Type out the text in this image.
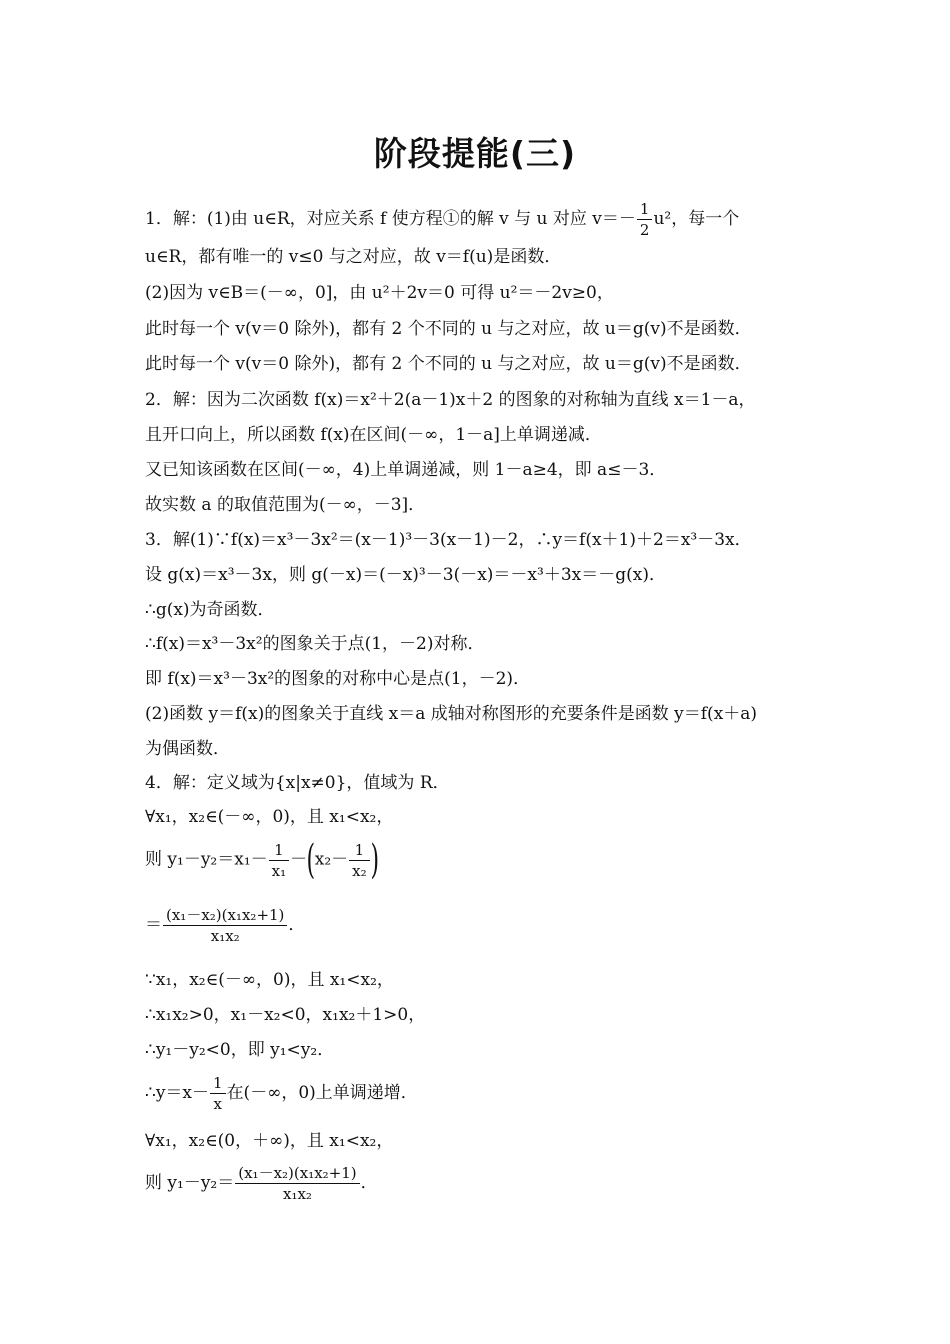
阶段提能(三)
1．解：(1)由 u∈R，对应关系 f 使方程①的解 v 与 u 对应 $v=- \frac{1}{2} u^2$，每一个
u∈R，都有唯一的 v≤0 与之对应，故 v＝f(u)是函数．
(2)因为 v∈B＝(－∞，0]，由 u²＋2v＝0 可得 u²＝－2v≥0，
此时每一个 v(v＝0 除外)，都有 2 个不同的 u 与之对应，故 u＝g(v)不是函数．
此时每一个 v(v＝0 除外)，都有 2 个不同的 u 与之对应，故 u＝g(v)不是函数．
2．解：因为二次函数 f(x)＝x²＋2(a－1)x＋2 的图象的对称轴为直线 x＝1－a，
且开口向上，所以函数 f(x)在区间(－∞，1－a]上单调递减．
又已知该函数在区间(－∞，4)上单调递减，则 1－a≥4，即 a≤－3．
故实数 a 的取值范围为(－∞，－3]．
3．解(1)∵f(x)＝x³－3x²＝(x－1)³－3(x－1)－2，∴y＝f(x＋1)＋2＝x³－3x．
设 g(x)＝x³－3x，则 g(－x)＝(－x)³－3(－x)＝－x³＋3x＝－g(x)．
∴g(x)为奇函数．
∴f(x)＝x³－3x²的图象关于点(1，－2)对称．
即 f(x)＝x³－3x²的图象的对称中心是点(1，－2)．
(2)函数 y＝f(x)的图象关于直线 x＝a 成轴对称图形的充要条件是函数 y＝f(x＋a)
为偶函数．
4．解：定义域为{x|x≠0}，值域为 R．
∀x₁，x₂∈(－∞，0)，且 x₁<x₂，
则 $y_1-y_2=x_1- \frac{1}{\text{x₁}} -(x_2- \frac{1}{\text{x₂}}$ )
＝ $\frac{\text{(x₁－x₂)(x₁x₂+1)}}{\text{x₁x₂}}$ ．
∵x₁，x₂∈(－∞，0)，且 x₁<x₂，
∴x₁x₂>0，x₁－x₂<0，x₁x₂＋1>0，
∴y₁－y₂<0，即 y₁<y₂．
∴y＝x－ $\frac{1}{x}$ 在(－∞，0)上单调递增．
∀x₁，x₂∈(0，＋∞)，且 x₁<x₂，
则 $y_1-y_2= \frac{\text{(x₁－x₂)(x₁x₂+1)}}{\text{x₁x₂}}$ ．
